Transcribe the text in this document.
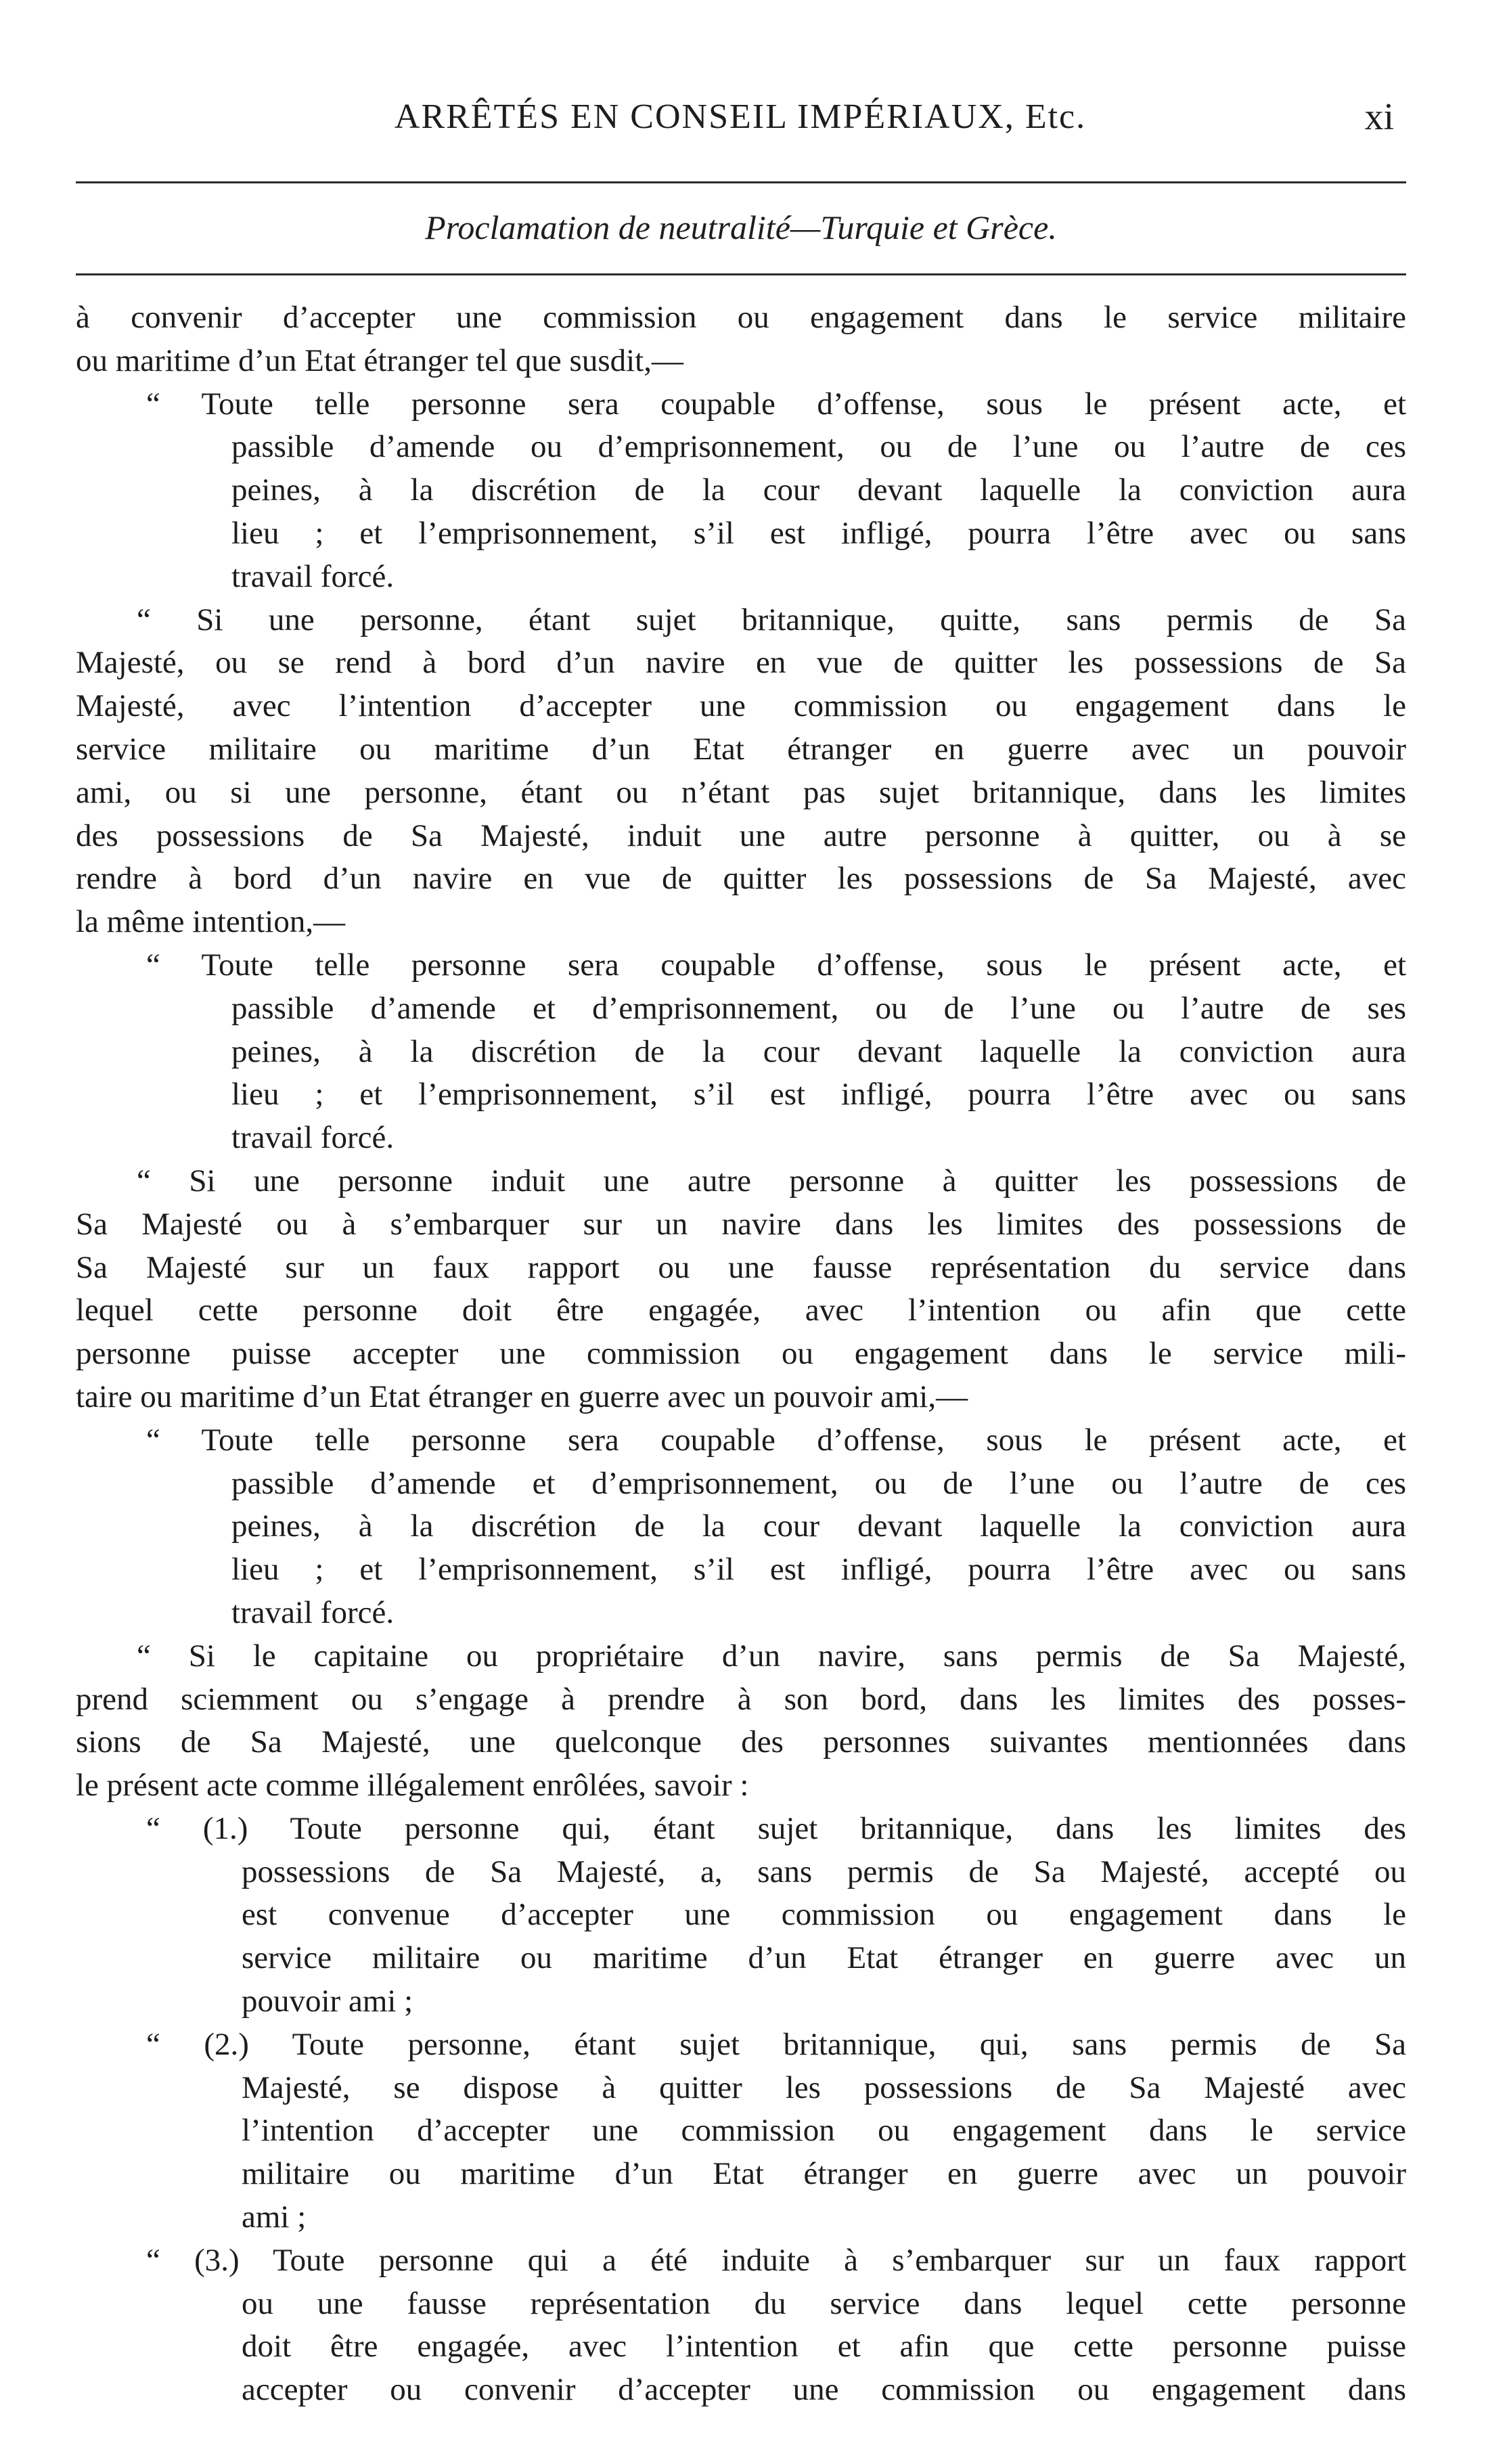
ARRÊTÉS EN CONSEIL IMPÉRIAUX, Etc.	xi
Proclamation de neutralité—Turquie et Grèce.
à convenir d’accepter une commission ou engagement dans le service militaire
ou maritime d’un Etat étranger tel que susdit,—
“ Toute telle personne sera coupable d’offense, sous le présent acte, et
passible d’amende ou d’emprisonnement, ou de l’une ou l’autre de ces
peines, à la discrétion de la cour devant laquelle la conviction aura
lieu ; et l’emprisonnement, s’il est infligé, pourra l’être avec ou sans
travail forcé.
“ Si une personne, étant sujet britannique, quitte, sans permis de Sa
Majesté, ou se rend à bord d’un navire en vue de quitter les possessions de Sa
Majesté, avec l’intention d’accepter une commission ou engagement dans le
service militaire ou maritime d’un Etat étranger en guerre avec un pouvoir
ami, ou si une personne, étant ou n’étant pas sujet britannique, dans les limites
des possessions de Sa Majesté, induit une autre personne à quitter, ou à se
rendre à bord d’un navire en vue de quitter les possessions de Sa Majesté, avec
la même intention,—
“ Toute telle personne sera coupable d’offense, sous le présent acte, et
passible d’amende et d’emprisonnement, ou de l’une ou l’autre de ses
peines, à la discrétion de la cour devant laquelle la conviction aura
lieu ; et l’emprisonnement, s’il est infligé, pourra l’être avec ou sans
travail forcé.
“ Si une personne induit une autre personne à quitter les possessions de
Sa Majesté ou à s’embarquer sur un navire dans les limites des possessions de
Sa Majesté sur un faux rapport ou une fausse représentation du service dans
lequel cette personne doit être engagée, avec l’intention ou afin que cette
personne puisse accepter une commission ou engagement dans le service mili-
taire ou maritime d’un Etat étranger en guerre avec un pouvoir ami,—
“ Toute telle personne sera coupable d’offense, sous le présent acte, et
passible d’amende et d’emprisonnement, ou de l’une ou l’autre de ces
peines, à la discrétion de la cour devant laquelle la conviction aura
lieu ; et l’emprisonnement, s’il est infligé, pourra l’être avec ou sans
travail forcé.
“ Si le capitaine ou propriétaire d’un navire, sans permis de Sa Majesté,
prend sciemment ou s’engage à prendre à son bord, dans les limites des posses-
sions de Sa Majesté, une quelconque des personnes suivantes mentionnées dans
le présent acte comme illégalement enrôlées, savoir :
“ (1.) Toute personne qui, étant sujet britannique, dans les limites des
possessions de Sa Majesté, a, sans permis de Sa Majesté, accepté ou
est convenue d’accepter une commission ou engagement dans le
service militaire ou maritime d’un Etat étranger en guerre avec un
pouvoir ami ;
“ (2.) Toute personne, étant sujet britannique, qui, sans permis de Sa
Majesté, se dispose à quitter les possessions de Sa Majesté avec
l’intention d’accepter une commission ou engagement dans le service
militaire ou maritime d’un Etat étranger en guerre avec un pouvoir
ami ;
“ (3.) Toute personne qui a été induite à s’embarquer sur un faux rapport
ou une fausse représentation du service dans lequel cette personne
doit être engagée, avec l’intention et afin que cette personne puisse
accepter ou convenir d’accepter une commission ou engagement dans
